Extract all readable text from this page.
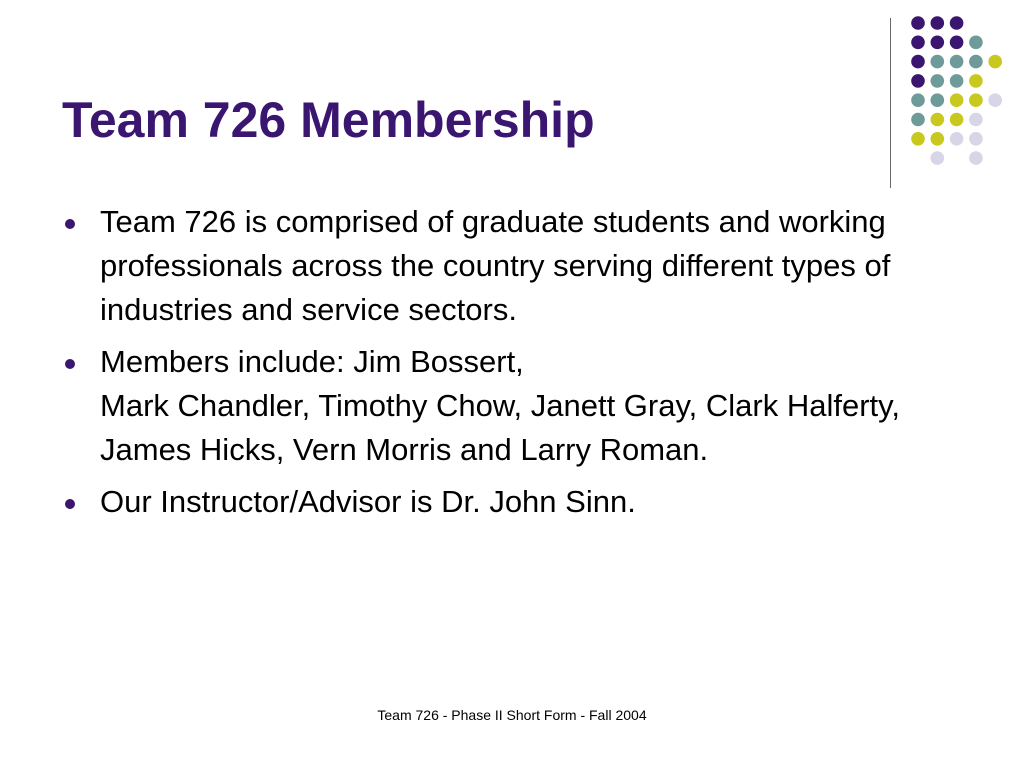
Team 726 Membership
Team 726 is comprised of graduate students and working professionals across the country serving different types of industries and service sectors.
Members include: Jim Bossert,
Mark Chandler, Timothy Chow, Janett Gray, Clark Halferty, James Hicks, Vern Morris and Larry Roman.
Our Instructor/Advisor is Dr. John Sinn.
Team 726 - Phase II Short Form - Fall 2004
